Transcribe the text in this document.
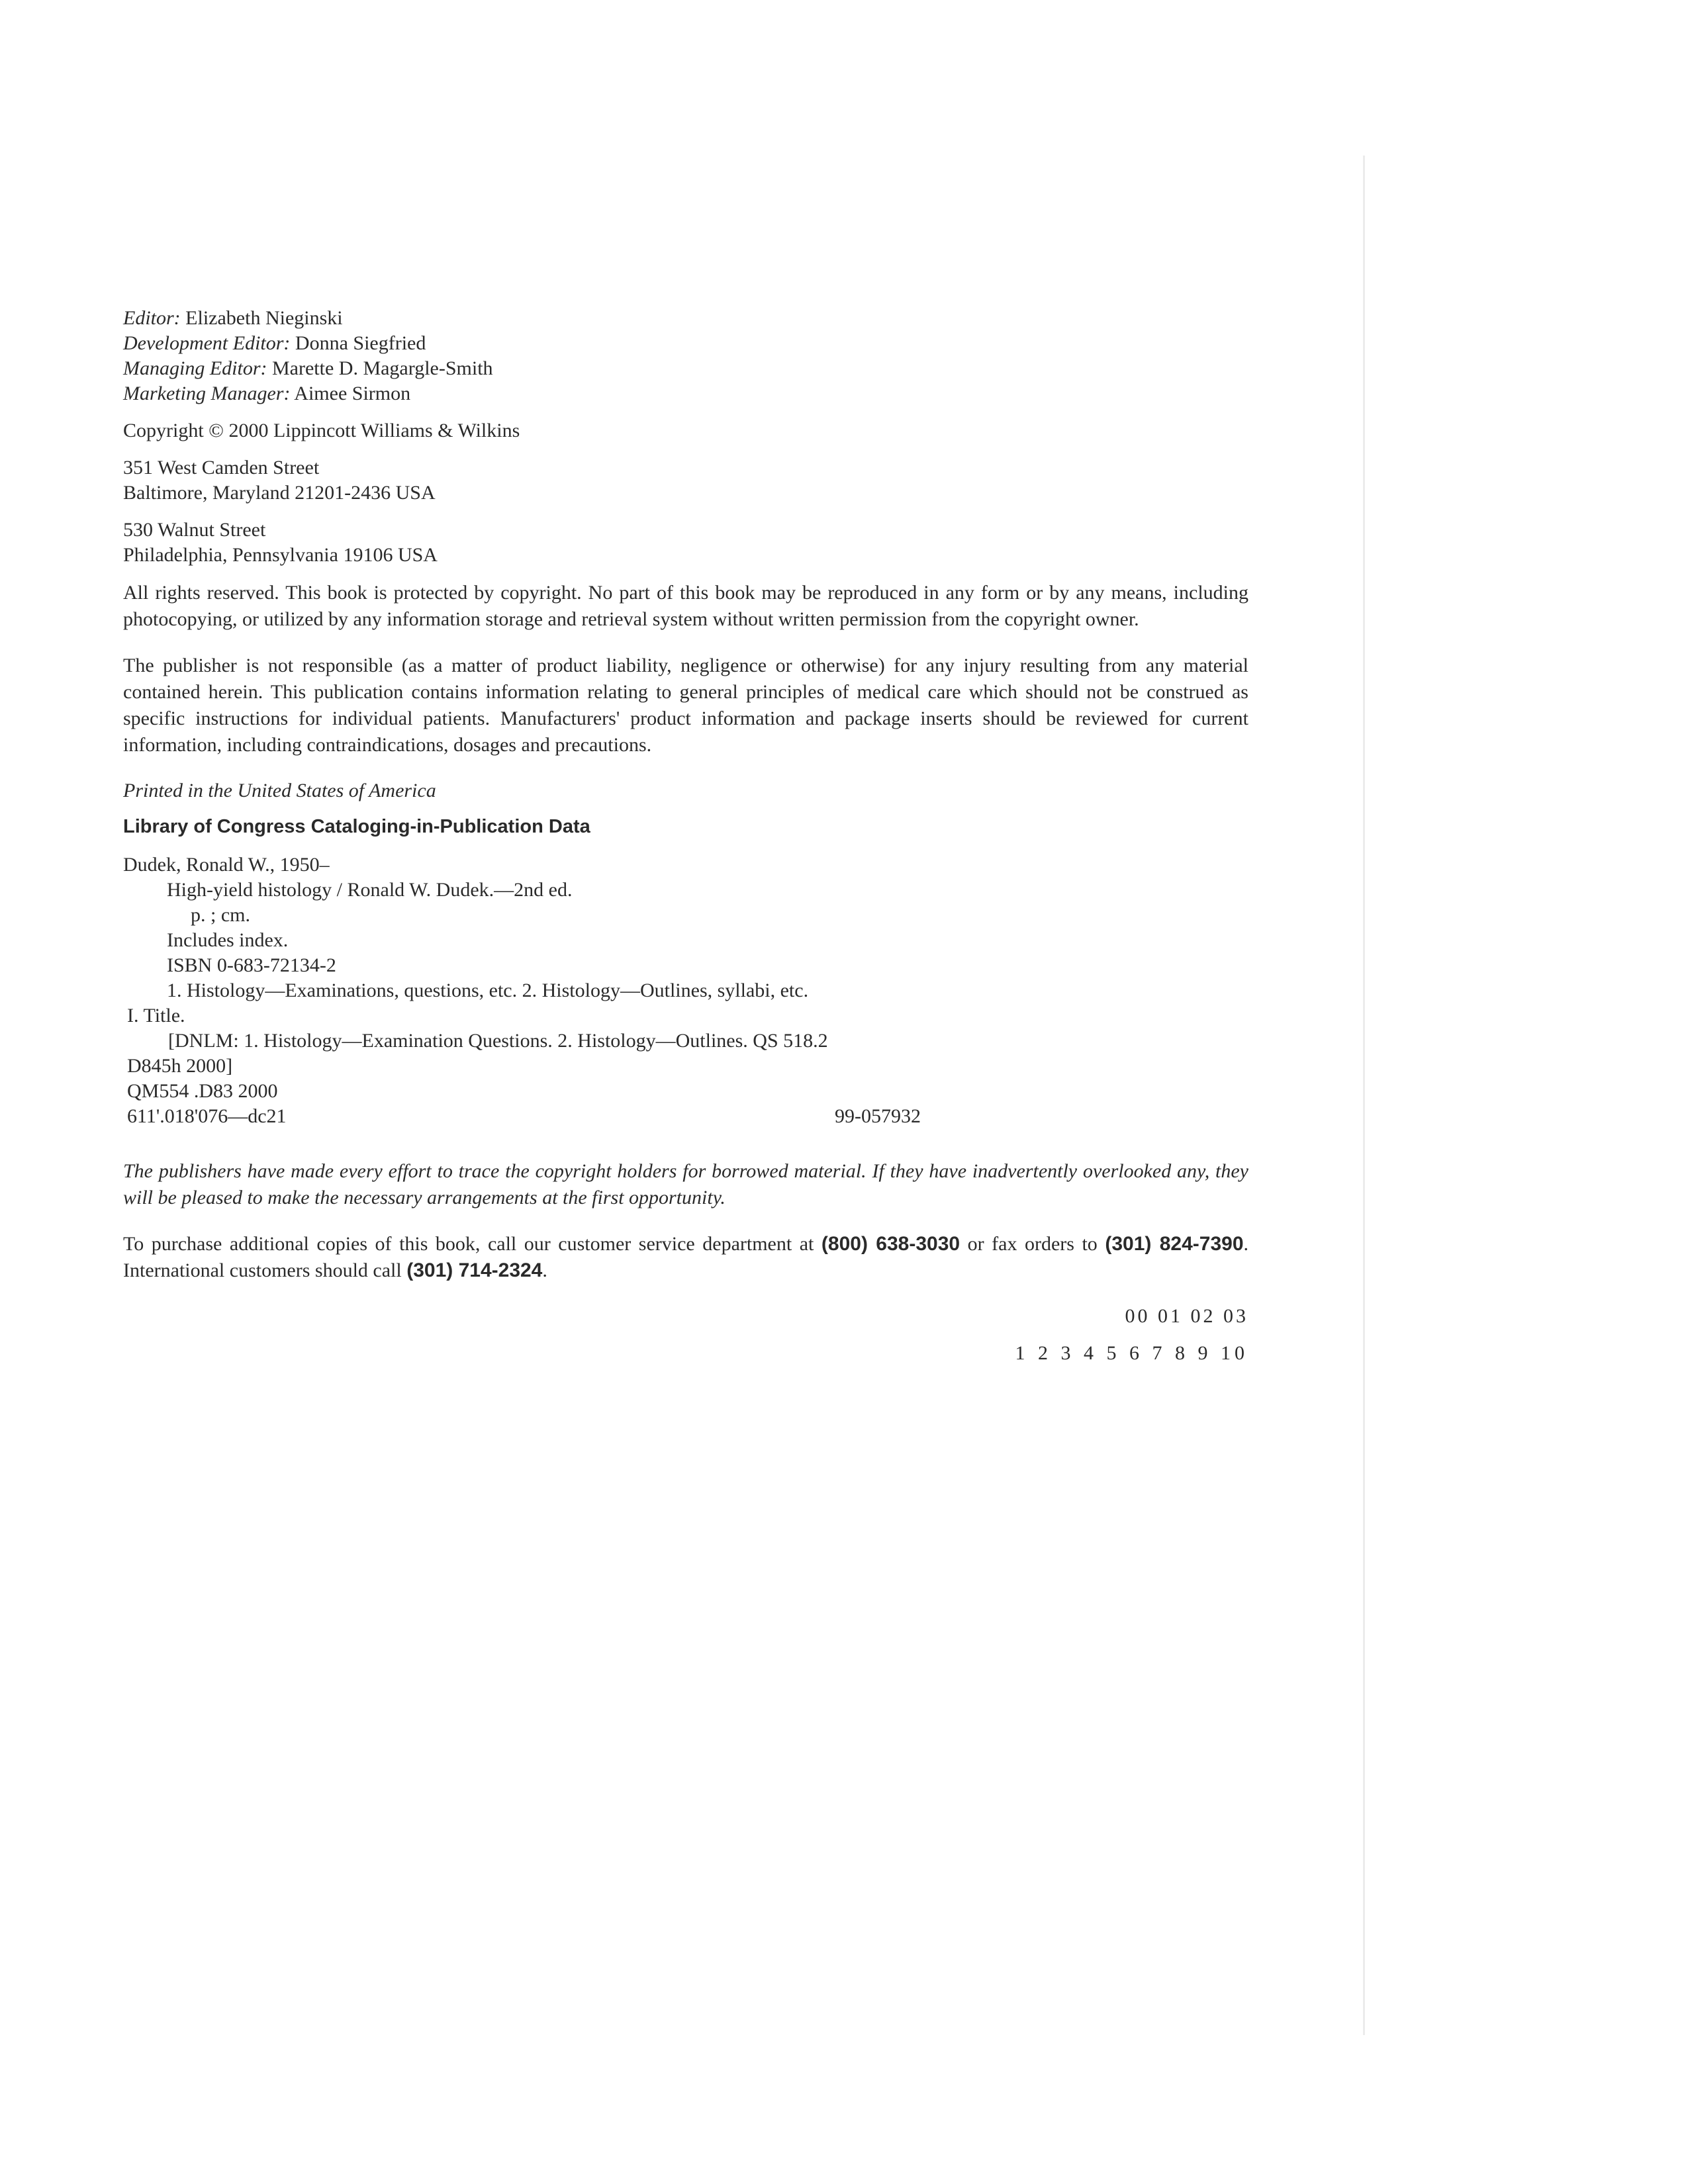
Editor: Elizabeth Nieginski
Development Editor: Donna Siegfried
Managing Editor: Marette D. Magargle-Smith
Marketing Manager: Aimee Sirmon
Copyright © 2000 Lippincott Williams & Wilkins
351 West Camden Street
Baltimore, Maryland 21201-2436 USA
530 Walnut Street
Philadelphia, Pennsylvania 19106 USA

All rights reserved. This book is protected by copyright. No part of this book may be reproduced in any form or by any means, including photocopying, or utilized by any information storage and retrieval system without written permission from the copyright owner.

The publisher is not responsible (as a matter of product liability, negligence or otherwise) for any injury resulting from any material contained herein. This publication contains information relating to general principles of medical care which should not be construed as specific instructions for individual patients. Manufacturers' product information and package inserts should be reviewed for current information, including contraindications, dosages and precautions.

Printed in the United States of America
Library of Congress Cataloging-in-Publication Data
Dudek, Ronald W., 1950–
High-yield histology / Ronald W. Dudek.—2nd ed.
p. ; cm.
Includes index.
ISBN 0-683-72134-2
1. Histology—Examinations, questions, etc. 2. Histology—Outlines, syllabi, etc.
I. Title.
[DNLM: 1. Histology—Examination Questions. 2. Histology—Outlines. QS 518.2
D845h 2000]
QM554 .D83 2000
611'.018'076—dc21	99-057932

The publishers have made every effort to trace the copyright holders for borrowed material. If they have inadvertently overlooked any, they will be pleased to make the necessary arrangements at the first opportunity.

To purchase additional copies of this book, call our customer service department at (800) 638-3030 or fax orders to (301) 824-7390. International customers should call (301) 714-2324.

00 01 02 03
1 2 3 4 5 6 7 8 9 10
